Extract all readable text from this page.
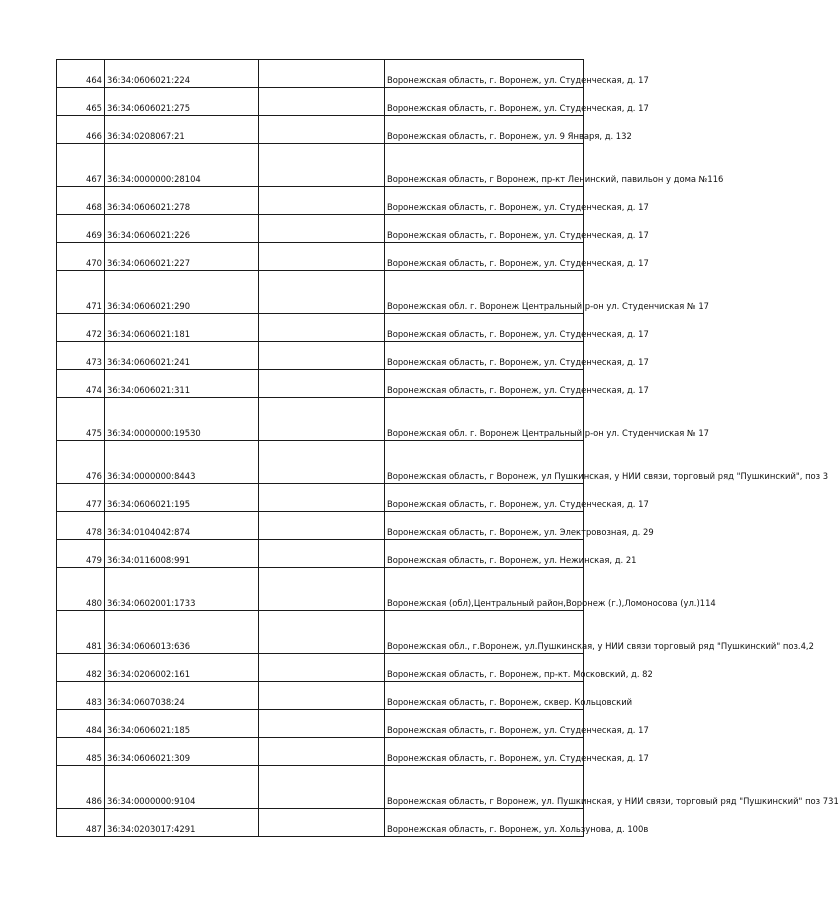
464	36:34:0606021:224		Воронежская область, г. Воронеж, ул. Студенческая, д. 17
465	36:34:0606021:275		Воронежская область, г. Воронеж, ул. Студенческая, д. 17
466	36:34:0208067:21		Воронежская область, г. Воронеж, ул. 9 Января, д. 132
467	36:34:0000000:28104		Воронежская область, г Воронеж, пр-кт Ленинский, павильон у дома №116
468	36:34:0606021:278		Воронежская область, г. Воронеж, ул. Студенческая, д. 17
469	36:34:0606021:226		Воронежская область, г. Воронеж, ул. Студенческая, д. 17
470	36:34:0606021:227		Воронежская область, г. Воронеж, ул. Студенческая, д. 17
471	36:34:0606021:290		Воронежская обл. г. Воронеж Центральный р-он ул. Студенчиская № 17
472	36:34:0606021:181		Воронежская область, г. Воронеж, ул. Студенческая, д. 17
473	36:34:0606021:241		Воронежская область, г. Воронеж, ул. Студенческая, д. 17
474	36:34:0606021:311		Воронежская область, г. Воронеж, ул. Студенческая, д. 17
475	36:34:0000000:19530		Воронежская обл. г. Воронеж Центральный р-он ул. Студенчиская № 17
476	36:34:0000000:8443		Воронежская область, г Воронеж, ул Пушкинская, у НИИ связи, торговый ряд "Пушкинский", поз 3
477	36:34:0606021:195		Воронежская область, г. Воронеж, ул. Студенческая, д. 17
478	36:34:0104042:874		Воронежская область, г. Воронеж, ул. Электровозная, д. 29
479	36:34:0116008:991		Воронежская область, г. Воронеж, ул. Нежинская, д. 21
480	36:34:0602001:1733		Воронежская (обл),Центральный район,Воронеж (г.),Ломоносова (ул.)114
481	36:34:0606013:636		Воронежская обл., г.Воронеж, ул.Пушкинская, у НИИ связи торговый ряд "Пушкинский" поз.4,2
482	36:34:0206002:161		Воронежская область, г. Воронеж, пр-кт. Московский, д. 82
483	36:34:0607038:24		Воронежская область, г. Воронеж, сквер. Кольцовский
484	36:34:0606021:185		Воронежская область, г. Воронеж, ул. Студенческая, д. 17
485	36:34:0606021:309		Воронежская область, г. Воронеж, ул. Студенческая, д. 17
486	36:34:0000000:9104		Воронежская область, г Воронеж, ул. Пушкинская, у НИИ связи, торговый ряд "Пушкинский" поз 731
487	36:34:0203017:4291		Воронежская область, г. Воронеж, ул. Хользунова, д. 100в
